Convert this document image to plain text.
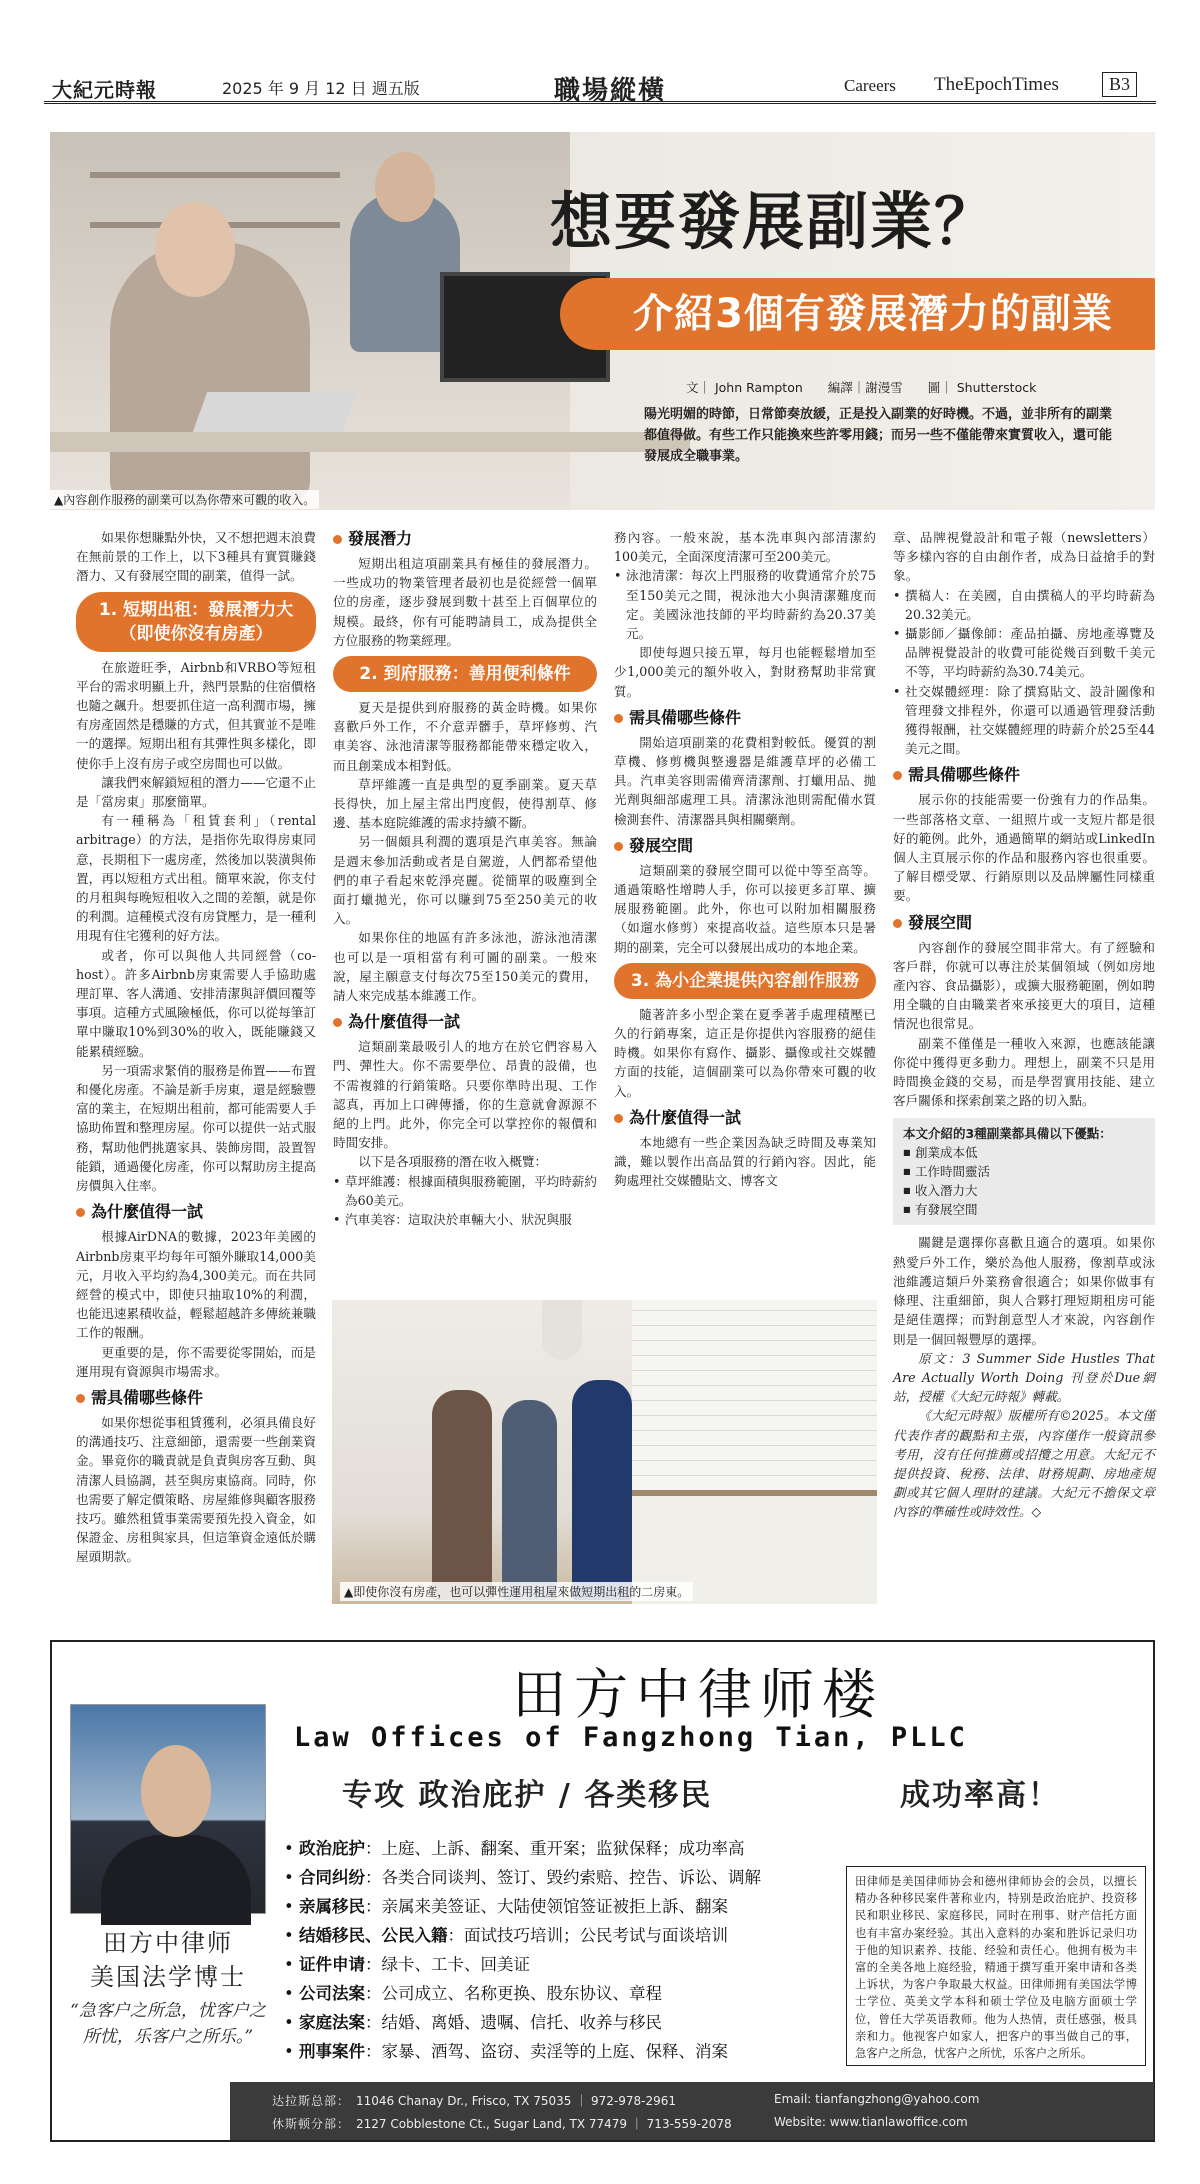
大紀元時報	2025 年 9 月 12 日 週五版	職場縱橫	Careers TheEpochTimes	B3
想要發展副業？
介紹3個有發展潛力的副業
文｜ John Rampton　　編譯｜謝漫雪　　圖｜ Shutterstock
陽光明媚的時節，日常節奏放緩，正是投入副業的好時機。不過，並非所有的副業都值得做。有些工作只能換來些許零用錢；而另一些不僅能帶來實質收入，還可能發展成全職事業。
▲內容創作服務的副業可以為你帶來可觀的收入。

如果你想賺點外快，又不想把週末浪費在無前景的工作上，以下3種具有實質賺錢潛力、又有發展空間的副業，值得一試。

1. 短期出租：發展潛力大（即使你沒有房產）

在旅遊旺季，Airbnb和VRBO等短租平台的需求明顯上升，熱門景點的住宿價格也隨之飆升。想要抓住這一高利潤市場，擁有房產固然是穩賺的方式，但其實並不是唯一的選擇。短期出租有其彈性與多樣化，即使你手上沒有房子或空房間也可以做。

讓我們來解鎖短租的潛力——它還不止是「當房東」那麼簡單。

有一種稱為「租賃套利」（rental arbitrage）的方法，是指你先取得房東同意，長期租下一處房產，然後加以裝潢與佈置，再以短租方式出租。簡單來說，你支付的月租與每晚短租收入之間的差額，就是你的利潤。這種模式沒有房貸壓力，是一種利用現有住宅獲利的好方法。

或者，你可以與他人共同經營（co-host）。許多Airbnb房東需要人手協助處理訂單、客人溝通、安排清潔與評價回覆等事項。這種方式風險極低，你可以從每筆訂單中賺取10%到30%的收入，既能賺錢又能累積經驗。

另一項需求緊俏的服務是佈置——布置和優化房產。不論是新手房東，還是經驗豐富的業主，在短期出租前，都可能需要人手協助佈置和整理房屋。你可以提供一站式服務，幫助他們挑選家具、裝飾房間，設置智能鎖，通過優化房產，你可以幫助房主提高房價與入住率。

為什麼值得一試

根據AirDNA的數據，2023年美國的Airbnb房東平均每年可額外賺取14,000美元，月收入平均約為4,300美元。而在共同經營的模式中，即使只抽取10%的利潤，也能迅速累積收益，輕鬆超越許多傳統兼職工作的報酬。

更重要的是，你不需要從零開始，而是運用現有資源與市場需求。

需具備哪些條件

如果你想從事租賃獲利，必須具備良好的溝通技巧、注意細節，還需要一些創業資金。畢竟你的職責就是負責與房客互動、與清潔人員協調，甚至與房東協商。同時，你也需要了解定價策略、房屋維修與顧客服務技巧。雖然租賃事業需要預先投入資金，如保證金、房租與家具，但這筆資金遠低於購屋頭期款。

發展潛力

短期出租這項副業具有極佳的發展潛力。一些成功的物業管理者最初也是從經營一個單位的房產，逐步發展到數十甚至上百個單位的規模。最終，你有可能聘請員工，成為提供全方位服務的物業經理。

2. 到府服務：善用便利條件

夏天是提供到府服務的黃金時機。如果你喜歡戶外工作，不介意弄髒手，草坪修剪、汽車美容、泳池清潔等服務都能帶來穩定收入，而且創業成本相對低。

草坪維護一直是典型的夏季副業。夏天草長得快，加上屋主常出門度假，使得割草、修邊、基本庭院維護的需求持續不斷。

另一個頗具利潤的選項是汽車美容。無論是週末參加活動或者是自駕遊，人們都希望他們的車子看起來乾淨亮麗。從簡單的吸塵到全面打蠟拋光，你可以賺到75至250美元的收入。

如果你住的地區有許多泳池，游泳池清潔也可以是一項相當有利可圖的副業。一般來說，屋主願意支付每次75至150美元的費用，請人來完成基本維護工作。

為什麼值得一試

這類副業最吸引人的地方在於它們容易入門、彈性大。你不需要學位、昂貴的設備，也不需複雜的行銷策略。只要你準時出現、工作認真，再加上口碑傳播，你的生意就會源源不絕的上門。此外，你完全可以掌控你的報價和時間安排。

以下是各項服務的潛在收入概覽：

• 草坪維護：根據面積與服務範圍，平均時薪約為60美元。
• 汽車美容：這取決於車輛大小、狀況與服

務內容。一般來說，基本洗車與內部清潔約100美元，全面深度清潔可至200美元。

• 泳池清潔：每次上門服務的收費通常介於75至150美元之間，視泳池大小與清潔難度而定。美國泳池技師的平均時薪約為20.37美元。

即使每週只接五單，每月也能輕鬆增加至少1,000美元的額外收入，對財務幫助非常實質。

需具備哪些條件

開始這項副業的花費相對較低。優質的割草機、修剪機與整邊器是維護草坪的必備工具。汽車美容則需備齊清潔劑、打蠟用品、拋光劑與細部處理工具。清潔泳池則需配備水質檢測套件、清潔器具與相關藥劑。

發展空間

這類副業的發展空間可以從中等至高等。通過策略性增聘人手，你可以接更多訂單、擴展服務範圍。此外，你也可以附加相關服務（如遛水修剪）來提高收益。這些原本只是暑期的副業，完全可以發展出成功的本地企業。

3. 為小企業提供內容創作服務

隨著許多小型企業在夏季著手處理積壓已久的行銷專案，這正是你提供內容服務的絕佳時機。如果你有寫作、攝影、攝像或社交媒體方面的技能，這個副業可以為你帶來可觀的收入。

為什麼值得一試

本地總有一些企業因為缺乏時間及專業知識，難以製作出高品質的行銷內容。因此，能夠處理社交媒體貼文、博客文

章、品牌視覺設計和電子報（newsletters）等多樣內容的自由創作者，成為日益搶手的對象。

• 撰稿人：在美國，自由撰稿人的平均時薪為20.32美元。
• 攝影師／攝像師：產品拍攝、房地產導覽及品牌視覺設計的收費可能從幾百到數千美元不等，平均時薪約為30.74美元。
• 社交媒體經理：除了撰寫貼文、設計圖像和管理發文排程外，你還可以通過管理發活動獲得報酬，社交媒體經理的時薪介於25至44美元之間。
需具備哪些條件

展示你的技能需要一份強有力的作品集。一些部落格文章、一組照片或一支短片都是很好的範例。此外，通過簡單的網站或LinkedIn個人主頁展示你的作品和服務內容也很重要。了解目標受眾、行銷原則以及品牌屬性同樣重要。

發展空間

內容創作的發展空間非常大。有了經驗和客戶群，你就可以專注於某個領域（例如房地產內容、食品攝影），或擴大服務範圍，例如聘用全職的自由職業者來承接更大的項目，這種情況也很常見。

副業不僅僅是一種收入來源，也應該能讓你從中獲得更多動力。理想上，副業不只是用時間換金錢的交易，而是學習實用技能、建立客戶關係和探索創業之路的切入點。

本文介紹的3種副業都具備以下優點：
■ 創業成本低
■ 工作時間靈活
■ 收入潛力大
■ 有發展空間

關鍵是選擇你喜歡且適合的選項。如果你熱愛戶外工作，樂於為他人服務，像割草或泳池維護這類戶外業務會很適合；如果你做事有條理、注重細節，與人合夥打理短期租房可能是絕佳選擇；而對創意型人才來說，內容創作則是一個回報豐厚的選擇。

原文：3 Summer Side Hustles That Are Actually Worth Doing 刊登於Due網站，授權《大紀元時報》轉載。

《大紀元時報》版權所有©2025。本文僅代表作者的觀點和主張，內容僅作一般資訊參考用，沒有任何推薦或招攬之用意。大紀元不提供投資、稅務、法律、財務規劃、房地產規劃或其它個人理財的建議。大紀元不擔保文章內容的準確性或時效性。◇

▲即使你沒有房產，也可以彈性運用租屋來做短期出租的二房東。
田方中律师楼
Law Offices of Fangzhong Tian, PLLC
专攻 政治庇护 / 各类移民	成功率高！
• 政治庇护：上庭、上訴、翻案、重开案；监狱保释；成功率高
• 合同纠纷：各类合同谈判、签订、毁约索赔、控告、诉讼、调解
• 亲属移民：亲属来美签证、大陆使领馆签证被拒上訴、翻案
• 结婚移民、公民入籍：面试技巧培训；公民考试与面谈培训
• 证件申请：绿卡、工卡、回美证
• 公司法案：公司成立、名称更换、股东协议、章程
• 家庭法案：结婚、离婚、遗嘱、信托、收养与移民
• 刑事案件：家暴、酒驾、盗窃、卖淫等的上庭、保释、消案
田方中律师
美国法学博士
“急客户之所急，忧客户之所忧，乐客户之所乐。”
田律师是美国律师协会和德州律师协会的会员，以擅长精办各种移民案件著称业内，特别是政治庇护、投资移民和职业移民、家庭移民，同时在刑事、财产信托方面也有丰富办案经验。其出入意料的办案和胜诉记录归功于他的知识素养、技能、经验和责任心。他拥有极为丰富的全美各地上庭经验，精通于撰写重开案申请和各类上诉状，为客户争取最大权益。田律师拥有美国法学博士学位、英美文学本科和硕士学位及电脑方面硕士学位，曾任大学英语教师。他为人热情，责任感强，极具亲和力。他视客户如家人，把客户的事当做自己的事，急客户之所急，忧客户之所忧，乐客户之所乐。
达拉斯总部： 11046 Chanay Dr., Frisco, TX 75035 ｜ 972-978-2961
休斯顿分部： 2127 Cobblestone Ct., Sugar Land, TX 77479 ｜ 713-559-2078
Email: tianfangzhong@yahoo.com
Website: www.tianlawoffice.com
